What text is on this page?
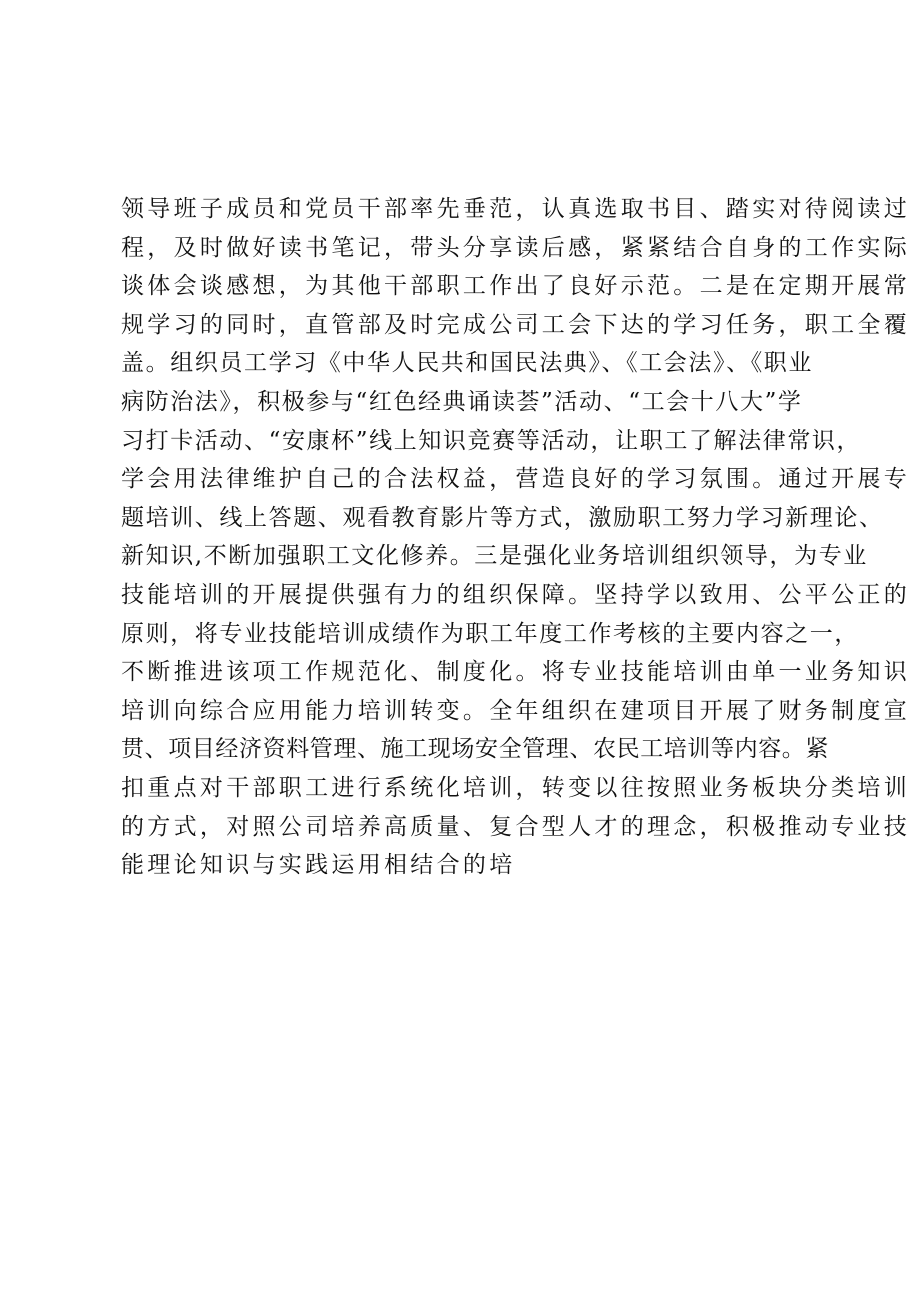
领导班子成员和党员干部率先垂范，认真选取书目、踏实对待阅读过
程，及时做好读书笔记，带头分享读后感，紧紧结合自身的工作实际
谈体会谈感想，为其他干部职工作出了良好示范。二是在定期开展常
规学习的同时，直管部及时完成公司工会下达的学习任务，职工全覆
盖。组织员工学习《中华人民共和国民法典》、《工会法》、《职业
病防治法》，积极参与“红色经典诵读荟”活动、“工会十八大”学
习打卡活动、“安康杯”线上知识竞赛等活动，让职工了解法律常识，
学会用法律维护自己的合法权益，营造良好的学习氛围。通过开展专
题培训、线上答题、观看教育影片等方式，激励职工努力学习新理论、
新知识,不断加强职工文化修养。三是强化业务培训组织领导，为专业
技能培训的开展提供强有力的组织保障。坚持学以致用、公平公正的
原则，将专业技能培训成绩作为职工年度工作考核的主要内容之一，
不断推进该项工作规范化、制度化。将专业技能培训由单一业务知识
培训向综合应用能力培训转变。全年组织在建项目开展了财务制度宣
贯、项目经济资料管理、施工现场安全管理、农民工培训等内容。紧
扣重点对干部职工进行系统化培训，转变以往按照业务板块分类培训
的方式，对照公司培养高质量、复合型人才的理念，积极推动专业技
能理论知识与实践运用相结合的培
